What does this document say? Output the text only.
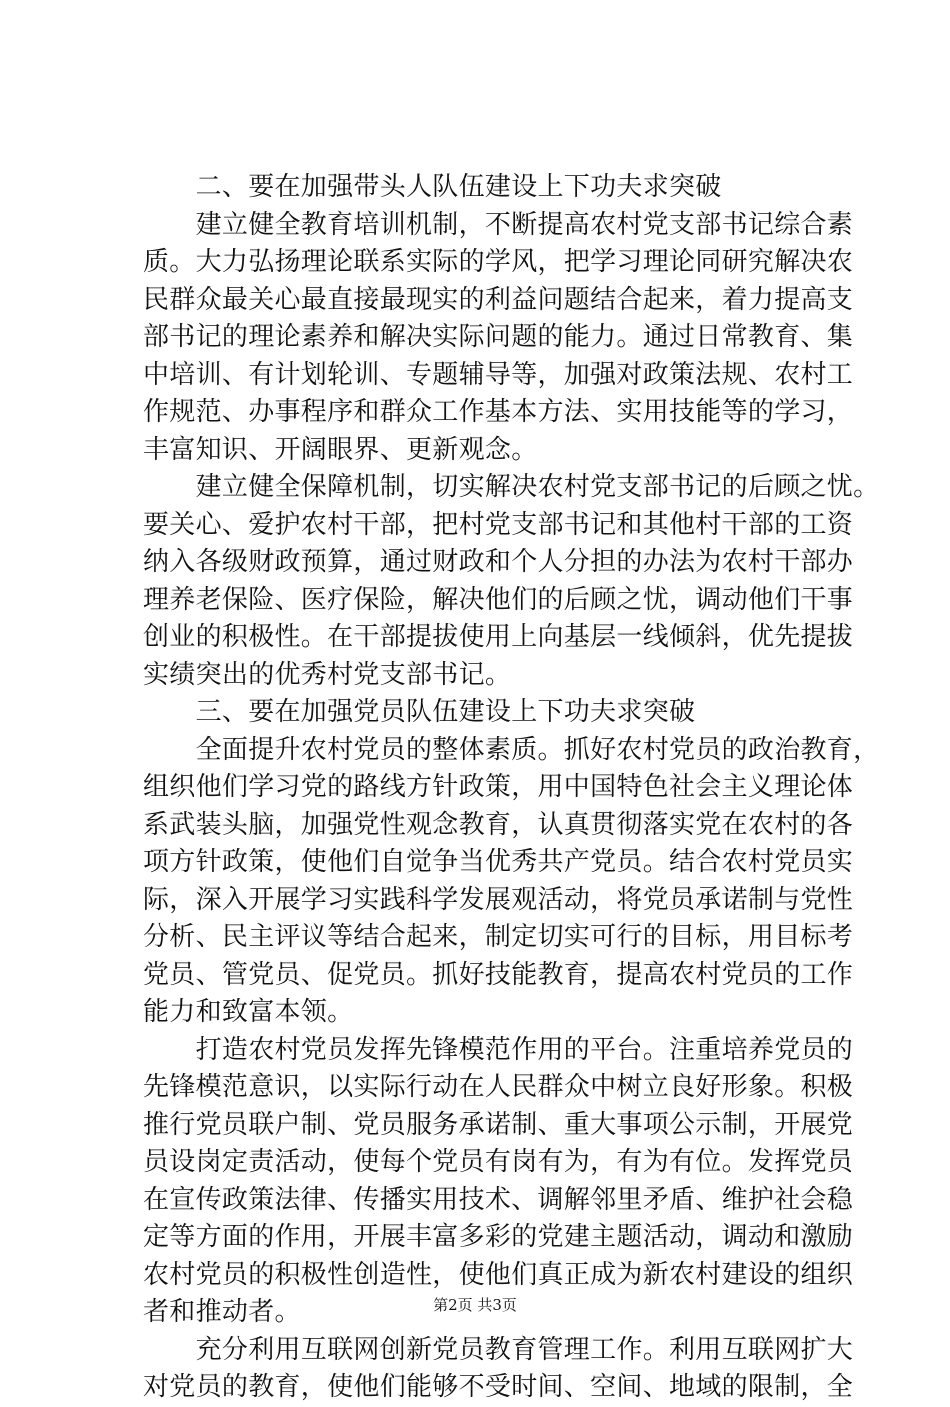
　　二、要在加强带头人队伍建设上下功夫求突破
　　建立健全教育培训机制，不断提高农村党支部书记综合素
质。大力弘扬理论联系实际的学风，把学习理论同研究解决农
民群众最关心最直接最现实的利益问题结合起来，着力提高支
部书记的理论素养和解决实际问题的能力。通过日常教育、集
中培训、有计划轮训、专题辅导等，加强对政策法规、农村工
作规范、办事程序和群众工作基本方法、实用技能等的学习，
丰富知识、开阔眼界、更新观念。
　　建立健全保障机制，切实解决农村党支部书记的后顾之忧。
要关心、爱护农村干部，把村党支部书记和其他村干部的工资
纳入各级财政预算，通过财政和个人分担的办法为农村干部办
理养老保险、医疗保险，解决他们的后顾之忧，调动他们干事
创业的积极性。在干部提拔使用上向基层一线倾斜，优先提拔
实绩突出的优秀村党支部书记。
　　三、要在加强党员队伍建设上下功夫求突破
　　全面提升农村党员的整体素质。抓好农村党员的政治教育，
组织他们学习党的路线方针政策，用中国特色社会主义理论体
系武装头脑，加强党性观念教育，认真贯彻落实党在农村的各
项方针政策，使他们自觉争当优秀共产党员。结合农村党员实
际，深入开展学习实践科学发展观活动，将党员承诺制与党性
分析、民主评议等结合起来，制定切实可行的目标，用目标考
党员、管党员、促党员。抓好技能教育，提高农村党员的工作
能力和致富本领。
　　打造农村党员发挥先锋模范作用的平台。注重培养党员的
先锋模范意识，以实际行动在人民群众中树立良好形象。积极
推行党员联户制、党员服务承诺制、重大事项公示制，开展党
员设岗定责活动，使每个党员有岗有为，有为有位。发挥党员
在宣传政策法律、传播实用技术、调解邻里矛盾、维护社会稳
定等方面的作用，开展丰富多彩的党建主题活动，调动和激励
农村党员的积极性创造性，使他们真正成为新农村建设的组织
者和推动者。
　　充分利用互联网创新党员教育管理工作。利用互联网扩大
对党员的教育，使他们能够不受时间、空间、地域的限制，全
第2页 共3页
